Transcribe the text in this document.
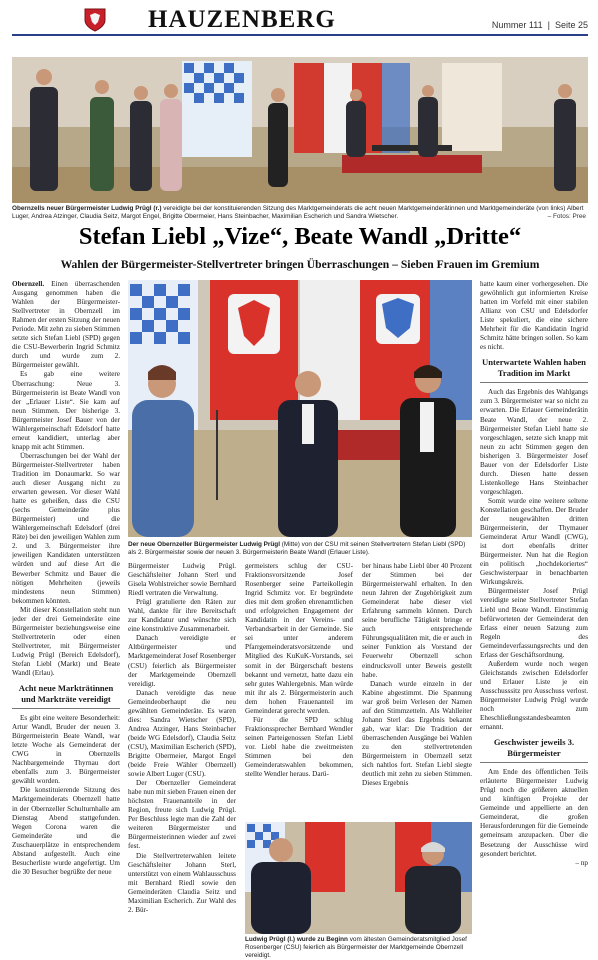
HAUZENBERG	Nummer 111 | Seite 25
Obernzells neuer Bürgermeister Ludwig Prügl (r.) vereidigte bei der konstituierenden Sitzung des Marktgemeinderats die acht neuen Marktgemeinderätinnen und Marktgemeinderäte (von links) Albert Luger, Andrea Atzinger, Claudia Seitz, Margot Engel, Brigitte Obermeier, Hans Steinbacher, Maximilian Escherich und Sandra Wietscher.	– Fotos: Pree
Stefan Liebl „Vize“, Beate Wandl „Dritte“
Wahlen der Bürgermeister-Stellvertreter bringen Überraschungen – Sieben Frauen im Gremium

Obernzell. Einen überraschenden Ausgang genommen haben die Wahlen der Bürgermeister-Stellvertreter in Obernzell im Rahmen der ersten Sitzung der neuen Periode. Mit zehn zu sieben Stimmen setzte sich Stefan Liebl (SPD) gegen die CSU-Bewerberin Ingrid Schmitz durch und wurde zum 2. Bürgermeister gewählt.

Es gab eine weitere Überraschung: Neue 3. Bürgermeisterin ist Beate Wandl von der „Erlauer Liste“. Sie kam auf neun Stimmen. Der bisherige 3. Bürgermeister Josef Bauer von der Wählergemeinschaft Edelsdorf hatte erneut kandidiert, unterlag aber knapp mit acht Stimmen.

Überraschungen bei der Wahl der Bürgermeister-Stellvertreter haben Tradition im Donaumarkt. So war auch dieser Ausgang nicht zu erwarten gewesen. Vor dieser Wahl hatte es geheißen, dass die CSU (sechs Gemeinderäte plus Bürgermeister) und die Wählergemeinschaft Edelsdorf (drei Räte) bei den jeweiligen Wahlen zum 2. und 3. Bürgermeister ihre jeweiligen Kandidaten unterstützen würden und auf diese Art die Bewerber Schmitz und Bauer die nötigen Mehrheiten (jeweils mindestens neun Stimmen) bekommen könnten.

Mit dieser Konstellation steht nun jeder der drei Gemeinderäte eine Bürgermeister beziehungsweise eine Stellvertreterin oder einen Stellvertreter, mit Bürgermeister Ludwig Prügl (Bereich Edelsdorf), Stefan Liebl (Markt) und Beate Wandl (Erlau).

Acht neue Markträtinnen und Markträte vereidigt

Es gibt eine weitere Besonderheit: Artur Wandl, Bruder der neuen 3. Bürgermeisterin Beate Wandl, war letzte Woche als Gemeinderat der CWG in Obernzells Nachbargemeinde Thyrnau dort ebenfalls zum 3. Bürgermeister gewählt worden.

Die konstituierende Sitzung des Marktgemeinderats Obernzell hatte in der Obernzeller Schulturnhalle am Dienstag Abend stattgefunden. Wegen Corona waren die Gemeinderäte und die Zuschauerplätze in entsprechendem Abstand aufgestellt. Auch eine Besucherliste wurde angefertigt. Um die 30 Besucher begrüßte der neue

Der neue Obernzeller Bürgermeister Ludwig Prügl (Mitte) von der CSU mit seinen Stellvertretern Stefan Liebl (SPD) als 2. Bürgermeister sowie der neuen 3. Bürgermeisterin Beate Wandl (Erlauer Liste).

Bürgermeister Ludwig Prügl. Geschäftsleiter Johann Sterl und Gisela Wohlstreicher sowie Bernhard Riedl vertraten die Verwaltung.

Prügl gratulierte den Räten zur Wahl, dankte für ihre Bereitschaft zur Kandidatur und wünschte sich eine konstruktive Zusammenarbeit.

Danach vereidigte er Altbürgermeister und Marktgemeinderat Josef Rosenberger (CSU) feierlich als Bürgermeister der Marktgemeinde Obernzell vereidigt.

Danach vereidigte das neue Gemeindeoberhaupt die neu gewählten Gemeinderäte. Es waren dies: Sandra Wietscher (SPD), Andrea Atzinger, Hans Steinbacher (beide WG Edelsdorf), Claudia Seitz (CSU), Maximilian Escherich (SPD), Brigitte Obermeier, Margot Engel (beide Freie Wähler Obernzell) sowie Albert Luger (CSU).

Der Obernzeller Gemeinderat habe nun mit sieben Frauen einen der höchsten Frauenanteile in der Region, freute sich Ludwig Prügl. Per Beschluss legte man die Zahl der weiteren Bürgermeister und Bürgermeisterinnen wieder auf zwei fest.

Die Stellvertreterwahlen leitete Geschäftsleiter Johann Sterl, unterstützt von einem Wahlausschuss mit Bernhard Riedl sowie den Gemeinderäten Claudia Seitz und Maximilian Escherich. Zur Wahl des 2. Bür-

germeisters schlug der CSU-Fraktionsvorsitzende Josef Rosenberger seine Parteikollegin Ingrid Schmitz vor. Er begründete dies mit dem großen ehrenamtlichen und erfolgreichen Engagement der Kandidatin in der Vereins- und Verbandsarbeit in der Gemeinde. Sie sei unter anderem Pfarrgemeinderatsvorsitzende und Mitglied des KuKuK-Vorstands, sei somit in der Bürgerschaft bestens bekannt und vernetzt, hatte dazu ein sehr gutes Wahlergebnis. Man würde mit ihr als 2. Bürgermeisterin auch dem hohen Frauenanteil im Gemeinderat gerecht werden.

Für die SPD schlug Fraktionssprecher Bernhard Wendler seinen Parteigenossen Stefan Liebl vor. Liebl habe die zweitmeisten Stimmen bei den Gemeinderatswahlen bekommen, stellte Wendler heraus. Darü-

ber hinaus habe Liebl über 40 Prozent der Stimmen bei der Bürgermeisterwahl erhalten. In den neun Jahren der Zugehörigkeit zum Gemeinderat habe dieser viel Erfahrung sammeln können. Durch seine berufliche Tätigkeit bringe er auch entsprechende Führungsqualitäten mit, die er auch in seiner Funktion als Vorstand der Feuerwehr Obernzell schon eindrucksvoll unter Beweis gestellt habe.

Danach wurde einzeln in der Kabine abgestimmt. Die Spannung war groß beim Verlesen der Namen auf den Stimmzetteln. Als Wahlleiter Johann Sterl das Ergebnis bekannt gab, war klar: Die Tradition der überraschenden Ausgänge bei Wahlen zu den stellvertretenden Bürgermeistern in Obernzell setzt sich nahtlos fort. Stefan Liebl siegte deutlich mit zehn zu sieben Stimmen. Dieses Ergebnis

Ludwig Prügl (l.) wurde zu Beginn vom ältesten Gemeinderatsmitglied Josef Rosenberger (CSU) feierlich als Bürgermeister der Marktgemeinde Obernzell vereidigt.

hatte kaum einer vorhergesehen. Die gewöhnlich gut informierten Kreise hatten im Vorfeld mit einer stabilen Allianz von CSU und Edelsdorfer Liste spekuliert, die eine sichere Mehrheit für die Kandidatin Ingrid Schmitz hätte bringen sollen. So kam es nicht.

Unterwartete Wahlen haben Tradition im Markt

Auch das Ergebnis des Wahlgangs zum 3. Bürgermeister war so nicht zu erwarten. Die Erlauer Gemeinderätin Beate Wandl, der neue 2. Bürgermeister Stefan Liebl hatte sie vorgeschlagen, setzte sich knapp mit neun zu acht Stimmen gegen den bisherigen 3. Bürgermeister Josef Bauer von der Edelsdorfer Liste durch. Diesen hatte dessen Listenkollege Hans Steinbacher vorgeschlagen.

Somit wurde eine weitere seltene Konstellation geschaffen. Der Bruder der neugewählten dritten Bürgermeisterin, der Thymauer Gemeinderat Artur Wandl (CWG), ist dort ebenfalls dritter Bürgermeister. Nun hat die Region ein politisch „hochdekoriertes“ Geschwisterpaar in benachbarten Wirkungskreis.

Bürgermeister Josef Prügl vereidigte seine Stellvertreter Stefan Liebl und Beate Wandl. Einstimmig befürworteten der Gemeinderat den Erlass einer neuen Satzung zum Regeln des Gemeindeverfassungsrechts und den Erlass der Geschäftsordnung.

Außerdem wurde noch wegen Gleichstands zwischen Edelsdorfer und Erlauer Liste je ein Ausschusssitz pro Ausschuss verlost. Bürgermeister Ludwig Prügl wurde noch zum Eheschließungsstandesbeamten ernannt.

Geschwister jeweils 3. Bürgermeister

Am Ende des öffentlichen Teils erläuterte Bürgermeister Ludwig Prügl noch die größeren aktuellen und künftigen Projekte der Gemeinde und appellierte an den Gemeinderat, die großen Herausforderungen für die Gemeinde gemeinsam anzupacken. Über die Besetzung der Ausschüsse wird gesondert berichtet.

– np
